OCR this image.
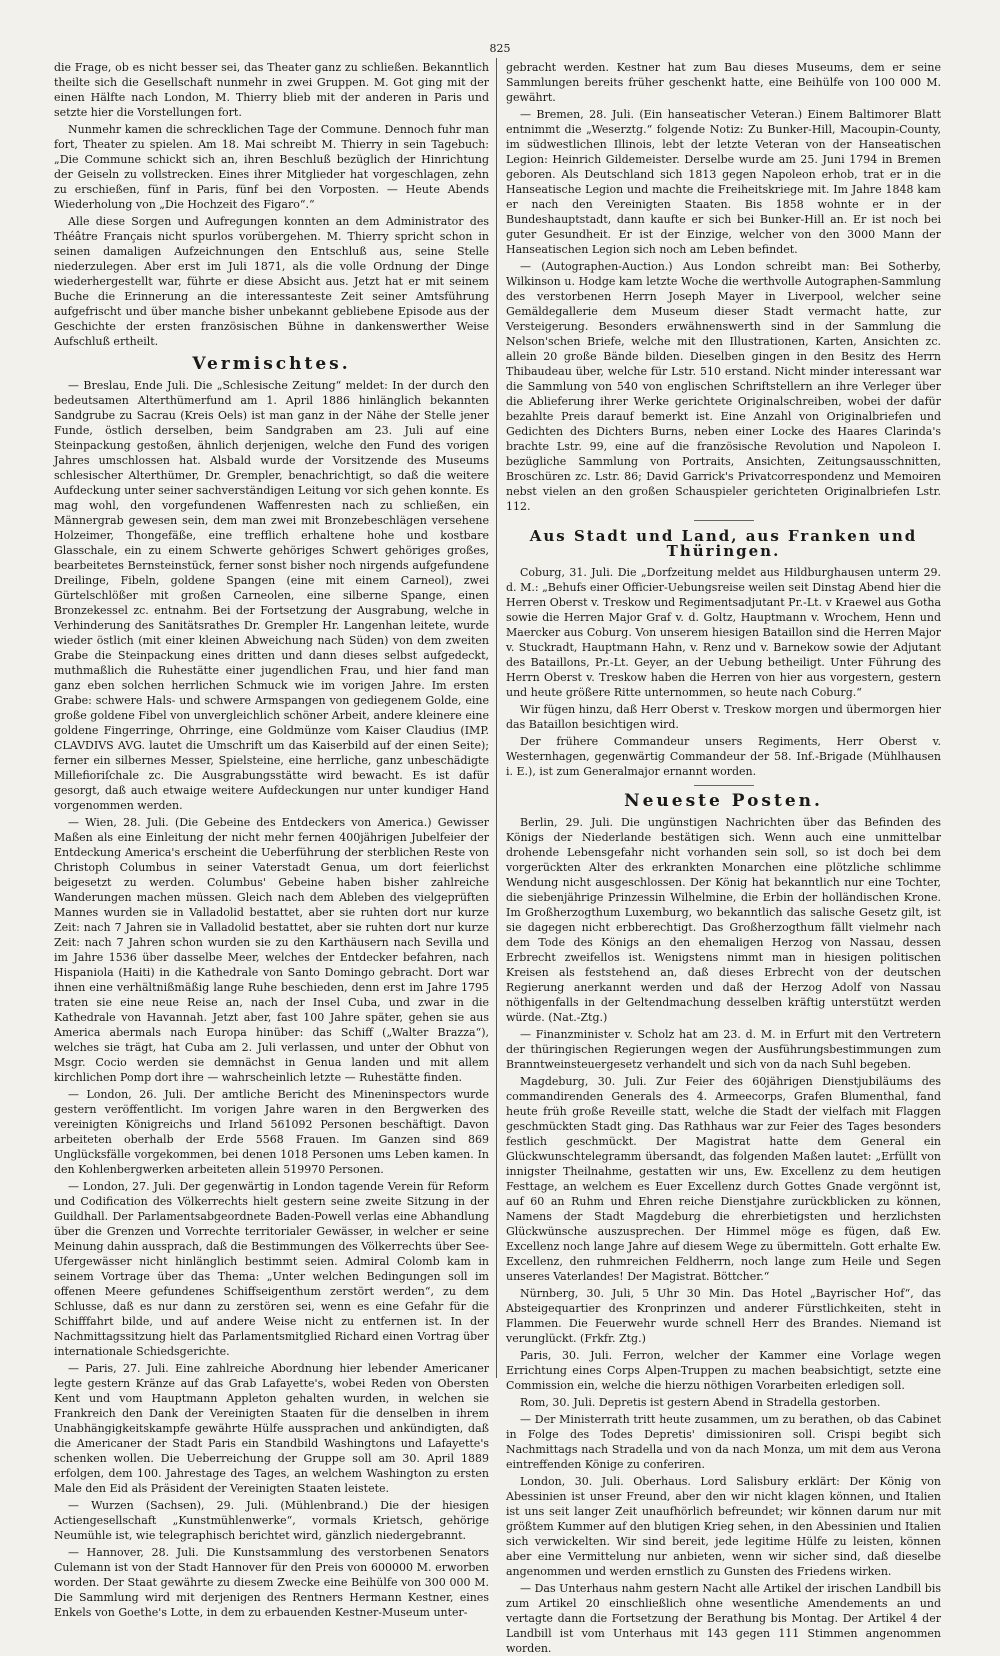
825

die Frage, ob es nicht besser sei, das Theater ganz zu schließen. Bekanntlich theilte sich die Gesellschaft nunmehr in zwei Gruppen. M. Got ging mit der einen Hälfte nach London, M. Thierry blieb mit der anderen in Paris und setzte hier die Vorstellungen fort.

Nunmehr kamen die schrecklichen Tage der Commune. Dennoch fuhr man fort, Theater zu spielen. Am 18. Mai schreibt M. Thierry in sein Tagebuch: „Die Commune schickt sich an, ihren Beschluß bezüglich der Hinrichtung der Geiseln zu vollstrecken. Eines ihrer Mitglieder hat vorgeschlagen, zehn zu erschießen, fünf in Paris, fünf bei den Vorposten. — Heute Abends Wiederholung von „Die Hochzeit des Figaro“.“

Alle diese Sorgen und Aufregungen konnten an dem Administrator des Théâtre Français nicht spurlos vorübergehen. M. Thierry spricht schon in seinen damaligen Aufzeichnungen den Entschluß aus, seine Stelle niederzulegen. Aber erst im Juli 1871, als die volle Ordnung der Dinge wiederhergestellt war, führte er diese Absicht aus. Jetzt hat er mit seinem Buche die Erinnerung an die interessanteste Zeit seiner Amtsführung aufgefrischt und über manche bisher unbekannt gebliebene Episode aus der Geschichte der ersten französischen Bühne in dankenswerther Weise Aufschluß ertheilt.

Vermischtes.

— Breslau, Ende Juli. Die „Schlesische Zeitung“ meldet: In der durch den bedeutsamen Alterthümerfund am 1. April 1886 hinlänglich bekannten Sandgrube zu Sacrau (Kreis Oels) ist man ganz in der Nähe der Stelle jener Funde, östlich derselben, beim Sandgraben am 23. Juli auf eine Steinpackung gestoßen, ähnlich derjenigen, welche den Fund des vorigen Jahres umschlossen hat. Alsbald wurde der Vorsitzende des Museums schlesischer Alterthümer, Dr. Grempler, benachrichtigt, so daß die weitere Aufdeckung unter seiner sachverständigen Leitung vor sich gehen konnte. Es mag wohl, den vorgefundenen Waffenresten nach zu schließen, ein Männergrab gewesen sein, dem man zwei mit Bronzebeschlägen versehene Holzeimer, Thongefäße, eine trefflich erhaltene hohe und kostbare Glasschale, ein zu einem Schwerte gehöriges Schwert gehöriges großes, bearbeitetes Bernsteinstück, ferner sonst bisher noch nirgends aufgefundene Dreilinge, Fibeln, goldene Spangen (eine mit einem Carneol), zwei Gürtelschlößer mit großen Carneolen, eine silberne Spange, einen Bronzekessel zc. entnahm. Bei der Fortsetzung der Ausgrabung, welche in Verhinderung des Sanitätsrathes Dr. Grempler Hr. Langenhan leitete, wurde wieder östlich (mit einer kleinen Abweichung nach Süden) von dem zweiten Grabe die Steinpackung eines dritten und dann dieses selbst aufgedeckt, muthmaßlich die Ruhestätte einer jugendlichen Frau, und hier fand man ganz eben solchen herrlichen Schmuck wie im vorigen Jahre. Im ersten Grabe: schwere Hals- und schwere Armspangen von gediegenem Golde, eine große goldene Fibel von unvergleichlich schöner Arbeit, andere kleinere eine goldene Fingerringe, Ohrringe, eine Goldmünze vom Kaiser Claudius (IMP. CLAVDIVS AVG. lautet die Umschrift um das Kaiserbild auf der einen Seite); ferner ein silbernes Messer, Spielsteine, eine herrliche, ganz unbeschädigte Millefioriſchale zc. Die Ausgrabungsstätte wird bewacht. Es ist dafür gesorgt, daß auch etwaige weitere Aufdeckungen nur unter kundiger Hand vorgenommen werden.

— Wien, 28. Juli. (Die Gebeine des Entdeckers von America.) Gewisser Maßen als eine Einleitung der nicht mehr fernen 400jährigen Jubelfeier der Entdeckung America's erscheint die Ueberführung der sterblichen Reste von Christoph Columbus in seiner Vaterstadt Genua, um dort feierlichst beigesetzt zu werden. Columbus' Gebeine haben bisher zahlreiche Wanderungen machen müssen. Gleich nach dem Ableben des vielgeprüften Mannes wurden sie in Valladolid bestattet, aber sie ruhten dort nur kurze Zeit: nach 7 Jahren sie in Valladolid bestattet, aber sie ruhten dort nur kurze Zeit: nach 7 Jahren schon wurden sie zu den Karthäusern nach Sevilla und im Jahre 1536 über dasselbe Meer, welches der Entdecker befahren, nach Hispaniola (Haiti) in die Kathedrale von Santo Domingo gebracht. Dort war ihnen eine verhältnißmäßig lange Ruhe beschieden, denn erst im Jahre 1795 traten sie eine neue Reise an, nach der Insel Cuba, und zwar in die Kathedrale von Havannah. Jetzt aber, fast 100 Jahre später, gehen sie aus America abermals nach Europa hinüber: das Schiff („Walter Brazza“), welches sie trägt, hat Cuba am 2. Juli verlassen, und unter der Obhut von Msgr. Cocio werden sie demnächst in Genua landen und mit allem kirchlichen Pomp dort ihre — wahrscheinlich letzte — Ruhestätte finden.

— London, 26. Juli. Der amtliche Bericht des Mineninspectors wurde gestern veröffentlicht. Im vorigen Jahre waren in den Bergwerken des vereinigten Königreichs und Irland 561092 Personen beschäftigt. Davon arbeiteten oberhalb der Erde 5568 Frauen. Im Ganzen sind 869 Unglücksfälle vorgekommen, bei denen 1018 Personen ums Leben kamen. In den Kohlenbergwerken arbeiteten allein 519970 Personen.

— London, 27. Juli. Der gegenwärtig in London tagende Verein für Reform und Codification des Völkerrechts hielt gestern seine zweite Sitzung in der Guildhall. Der Parlamentsabgeordnete Baden-Powell verlas eine Abhandlung über die Grenzen und Vorrechte territorialer Gewässer, in welcher er seine Meinung dahin aussprach, daß die Bestimmungen des Völkerrechts über See-Ufergewässer nicht hinlänglich bestimmt seien. Admiral Colomb kam in seinem Vortrage über das Thema: „Unter welchen Bedingungen soll im offenen Meere gefundenes Schiffseigenthum zerstört werden“, zu dem Schlusse, daß es nur dann zu zerstören sei, wenn es eine Gefahr für die Schifffahrt bilde, und auf andere Weise nicht zu entfernen ist. In der Nachmittagssitzung hielt das Parlamentsmitglied Richard einen Vortrag über internationale Schiedsgerichte.

— Paris, 27. Juli. Eine zahlreiche Abordnung hier lebender Americaner legte gestern Kränze auf das Grab Lafayette's, wobei Reden von Obersten Kent und vom Hauptmann Appleton gehalten wurden, in welchen sie Frankreich den Dank der Vereinigten Staaten für die denselben in ihrem Unabhängigkeitskampfe gewährte Hülfe aussprachen und ankündigten, daß die Americaner der Stadt Paris ein Standbild Washingtons und Lafayette's schenken wollen. Die Ueberreichung der Gruppe soll am 30. April 1889 erfolgen, dem 100. Jahrestage des Tages, an welchem Washington zu ersten Male den Eid als Präsident der Vereinigten Staaten leistete.

— Wurzen (Sachsen), 29. Juli. (Mühlenbrand.) Die der hiesigen Actiengesellschaft „Kunstmühlenwerke“, vormals Krietsch, gehörige Neumühle ist, wie telegraphisch berichtet wird, gänzlich niedergebrannt.

— Hannover, 28. Juli. Die Kunstsammlung des verstorbenen Senators Culemann ist von der Stadt Hannover für den Preis von 600000 M. erworben worden. Der Staat gewährte zu diesem Zwecke eine Beihülfe von 300 000 M. Die Sammlung wird mit derjenigen des Rentners Hermann Kestner, eines Enkels von Goethe's Lotte, in dem zu erbauenden Kestner-Museum unter-

gebracht werden. Kestner hat zum Bau dieses Museums, dem er seine Sammlungen bereits früher geschenkt hatte, eine Beihülfe von 100 000 M. gewährt.

— Bremen, 28. Juli. (Ein hanseatischer Veteran.) Einem Baltimorer Blatt entnimmt die „Weserztg.“ folgende Notiz: Zu Bunker-Hill, Macoupin-County, im südwestlichen Illinois, lebt der letzte Veteran von der Hanseatischen Legion: Heinrich Gildemeister. Derselbe wurde am 25. Juni 1794 in Bremen geboren. Als Deutschland sich 1813 gegen Napoleon erhob, trat er in die Hanseatische Legion und machte die Freiheitskriege mit. Im Jahre 1848 kam er nach den Vereinigten Staaten. Bis 1858 wohnte er in der Bundeshauptstadt, dann kaufte er sich bei Bunker-Hill an. Er ist noch bei guter Gesundheit. Er ist der Einzige, welcher von den 3000 Mann der Hanseatischen Legion sich noch am Leben befindet.

— (Autographen-Auction.) Aus London schreibt man: Bei Sotherby, Wilkinson u. Hodge kam letzte Woche die werthvolle Autographen-Sammlung des verstorbenen Herrn Joseph Mayer in Liverpool, welcher seine Gemäldegallerie dem Museum dieser Stadt vermacht hatte, zur Versteigerung. Besonders erwähnenswerth sind in der Sammlung die Nelson'schen Briefe, welche mit den Illustrationen, Karten, Ansichten zc. allein 20 große Bände bilden. Dieselben gingen in den Besitz des Herrn Thibaudeau über, welche für Lstr. 510 erstand. Nicht minder interessant war die Sammlung von 540 von englischen Schriftstellern an ihre Verleger über die Ablieferung ihrer Werke gerichtete Originalschreiben, wobei der dafür bezahlte Preis darauf bemerkt ist. Eine Anzahl von Originalbriefen und Gedichten des Dichters Burns, neben einer Locke des Haares Clarinda's brachte Lstr. 99, eine auf die französische Revolution und Napoleon I. bezügliche Sammlung von Portraits, Ansichten, Zeitungsausschnitten, Broschüren zc. Lstr. 86; David Garrick's Privatcorrespondenz und Memoiren nebst vielen an den großen Schauspieler gerichteten Originalbriefen Lstr. 112.

Aus Stadt und Land, aus Franken und Thüringen.

Coburg, 31. Juli. Die „Dorfzeitung meldet aus Hildburghausen unterm 29. d. M.: „Behufs einer Officier-Uebungsreise weilen seit Dinstag Abend hier die Herren Oberst v. Treskow und Regimentsadjutant Pr.-Lt. v Kraewel aus Gotha sowie die Herren Major Graf v. d. Goltz, Hauptmann v. Wrochem, Henn und Maercker aus Coburg. Von unserem hiesigen Bataillon sind die Herren Major v. Stuckradt, Hauptmann Hahn, v. Renz und v. Barnekow sowie der Adjutant des Bataillons, Pr.-Lt. Geyer, an der Uebung betheiligt. Unter Führung des Herrn Oberst v. Treskow haben die Herren von hier aus vorgestern, gestern und heute größere Ritte unternommen, so heute nach Coburg.“

Wir fügen hinzu, daß Herr Oberst v. Treskow morgen und übermorgen hier das Bataillon besichtigen wird.

Der frühere Commandeur unsers Regiments, Herr Oberst v. Westernhagen, gegenwärtig Commandeur der 58. Inf.-Brigade (Mühlhausen i. E.), ist zum Generalmajor ernannt worden.

Neueste Posten.

Berlin, 29. Juli. Die ungünstigen Nachrichten über das Befinden des Königs der Niederlande bestätigen sich. Wenn auch eine unmittelbar drohende Lebensgefahr nicht vorhanden sein soll, so ist doch bei dem vorgerückten Alter des erkrankten Monarchen eine plötzliche schlimme Wendung nicht ausgeschlossen. Der König hat bekanntlich nur eine Tochter, die siebenjährige Prinzessin Wilhelmine, die Erbin der holländischen Krone. Im Großherzogthum Luxemburg, wo bekanntlich das salische Gesetz gilt, ist sie dagegen nicht erbberechtigt. Das Großherzogthum fällt vielmehr nach dem Tode des Königs an den ehemaligen Herzog von Nassau, dessen Erbrecht zweifellos ist. Wenigstens nimmt man in hiesigen politischen Kreisen als feststehend an, daß dieses Erbrecht von der deutschen Regierung anerkannt werden und daß der Herzog Adolf von Nassau nöthigenfalls in der Geltendmachung desselben kräftig unterstützt werden würde. (Nat.-Ztg.)

— Finanzminister v. Scholz hat am 23. d. M. in Erfurt mit den Vertretern der thüringischen Regierungen wegen der Ausführungsbestimmungen zum Branntweinsteuergesetz verhandelt und sich von da nach Suhl begeben.

Magdeburg, 30. Juli. Zur Feier des 60jährigen Dienstjubiläums des commandirenden Generals des 4. Armeecorps, Grafen Blumenthal, fand heute früh große Reveille statt, welche die Stadt der vielfach mit Flaggen geschmückten Stadt ging. Das Rathhaus war zur Feier des Tages besonders festlich geschmückt. Der Magistrat hatte dem General ein Glückwunschtelegramm übersandt, das folgenden Maßen lautet: „Erfüllt von innigster Theilnahme, gestatten wir uns, Ew. Excellenz zu dem heutigen Festtage, an welchem es Euer Excellenz durch Gottes Gnade vergönnt ist, auf 60 an Ruhm und Ehren reiche Dienstjahre zurückblicken zu können, Namens der Stadt Magdeburg die ehrerbietigsten und herzlichsten Glückwünsche auszusprechen. Der Himmel möge es fügen, daß Ew. Excellenz noch lange Jahre auf diesem Wege zu übermitteln. Gott erhalte Ew. Excellenz, den ruhmreichen Feldherrn, noch lange zum Heile und Segen unseres Vaterlandes! Der Magistrat. Böttcher.“

Nürnberg, 30. Juli, 5 Uhr 30 Min. Das Hotel „Bayrischer Hof“, das Absteigequartier des Kronprinzen und anderer Fürstlichkeiten, steht in Flammen. Die Feuerwehr wurde schnell Herr des Brandes. Niemand ist verunglückt. (Frkfr. Ztg.)

Paris, 30. Juli. Ferron, welcher der Kammer eine Vorlage wegen Errichtung eines Corps Alpen-Truppen zu machen beabsichtigt, setzte eine Commission ein, welche die hierzu nöthigen Vorarbeiten erledigen soll.

Rom, 30. Juli. Depretis ist gestern Abend in Stradella gestorben.

— Der Ministerrath tritt heute zusammen, um zu berathen, ob das Cabinet in Folge des Todes Depretis' dimissioniren soll. Crispi begibt sich Nachmittags nach Stradella und von da nach Monza, um mit dem aus Verona eintreffenden Könige zu conferiren.

London, 30. Juli. Oberhaus. Lord Salisbury erklärt: Der König von Abessinien ist unser Freund, aber den wir nicht klagen können, und Italien ist uns seit langer Zeit unaufhörlich befreundet; wir können darum nur mit größtem Kummer auf den blutigen Krieg sehen, in den Abessinien und Italien sich verwickelten. Wir sind bereit, jede legitime Hülfe zu leisten, können aber eine Vermittelung nur anbieten, wenn wir sicher sind, daß dieselbe angenommen und werden ernstlich zu Gunsten des Friedens wirken.

— Das Unterhaus nahm gestern Nacht alle Artikel der irischen Landbill bis zum Artikel 20 einschließlich ohne wesentliche Amendements an und vertagte dann die Fortsetzung der Berathung bis Montag. Der Artikel 4 der Landbill ist vom Unterhaus mit 143 gegen 111 Stimmen angenommen worden.
